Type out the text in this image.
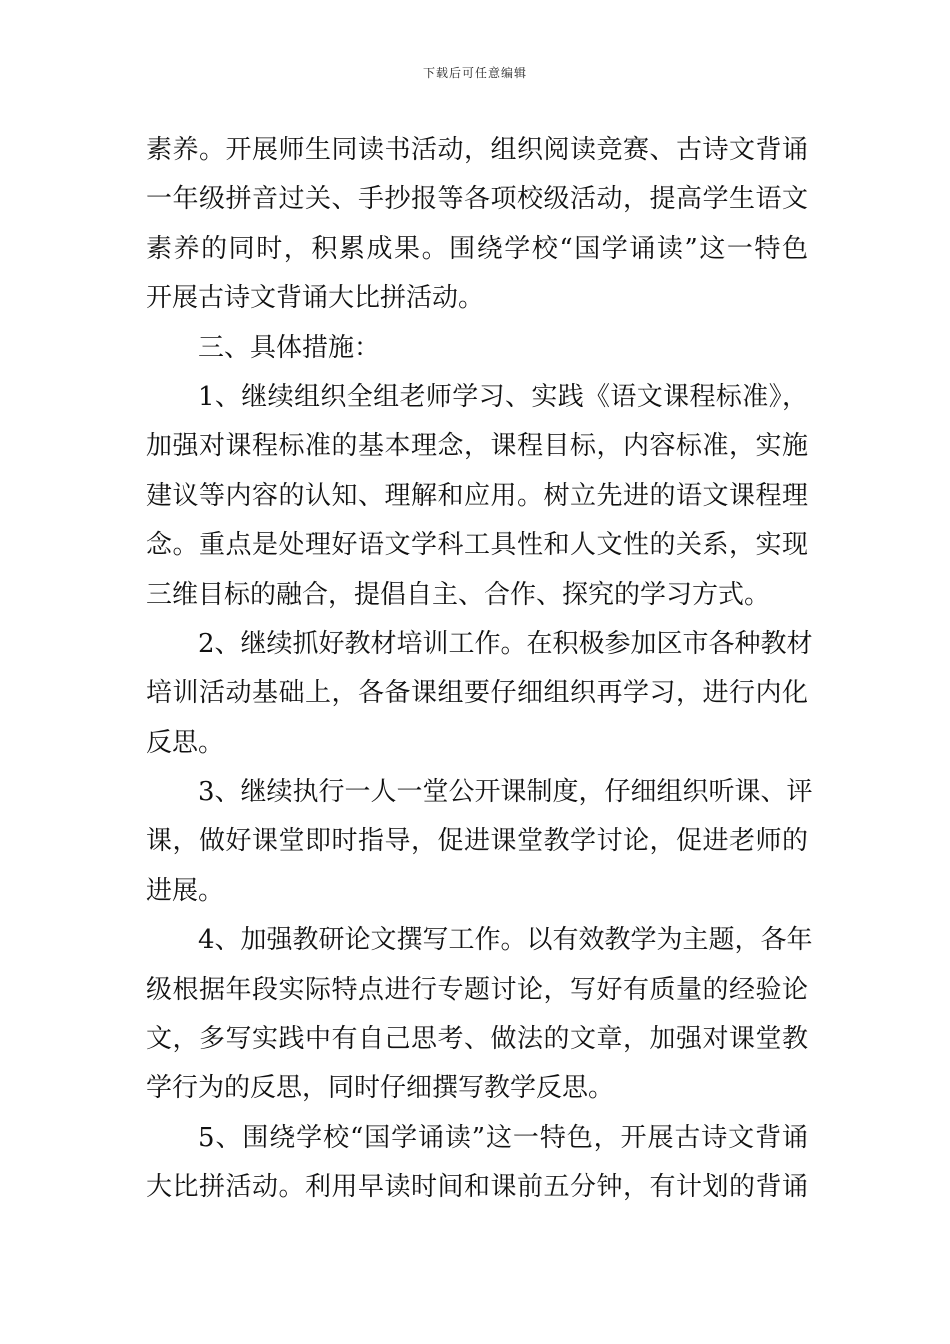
下载后可任意编辑
素养。开展师生同读书活动，组织阅读竞赛、古诗文背诵
一年级拼音过关、手抄报等各项校级活动，提高学生语文
素养的同时，积累成果。围绕学校“国学诵读”这一特色
开展古诗文背诵大比拼活动。
三、具体措施：
1、继续组织全组老师学习、实践《语文课程标准》，
加强对课程标准的基本理念，课程目标，内容标准，实施
建议等内容的认知、理解和应用。树立先进的语文课程理
念。重点是处理好语文学科工具性和人文性的关系，实现
三维目标的融合，提倡自主、合作、探究的学习方式。
2、继续抓好教材培训工作。在积极参加区市各种教材
培训活动基础上，各备课组要仔细组织再学习，进行内化
反思。
3、继续执行一人一堂公开课制度，仔细组织听课、评
课，做好课堂即时指导，促进课堂教学讨论，促进老师的
进展。
4、加强教研论文撰写工作。以有效教学为主题，各年
级根据年段实际特点进行专题讨论，写好有质量的经验论
文，多写实践中有自己思考、做法的文章，加强对课堂教
学行为的反思，同时仔细撰写教学反思。
5、围绕学校“国学诵读”这一特色，开展古诗文背诵
大比拼活动。利用早读时间和课前五分钟，有计划的背诵
